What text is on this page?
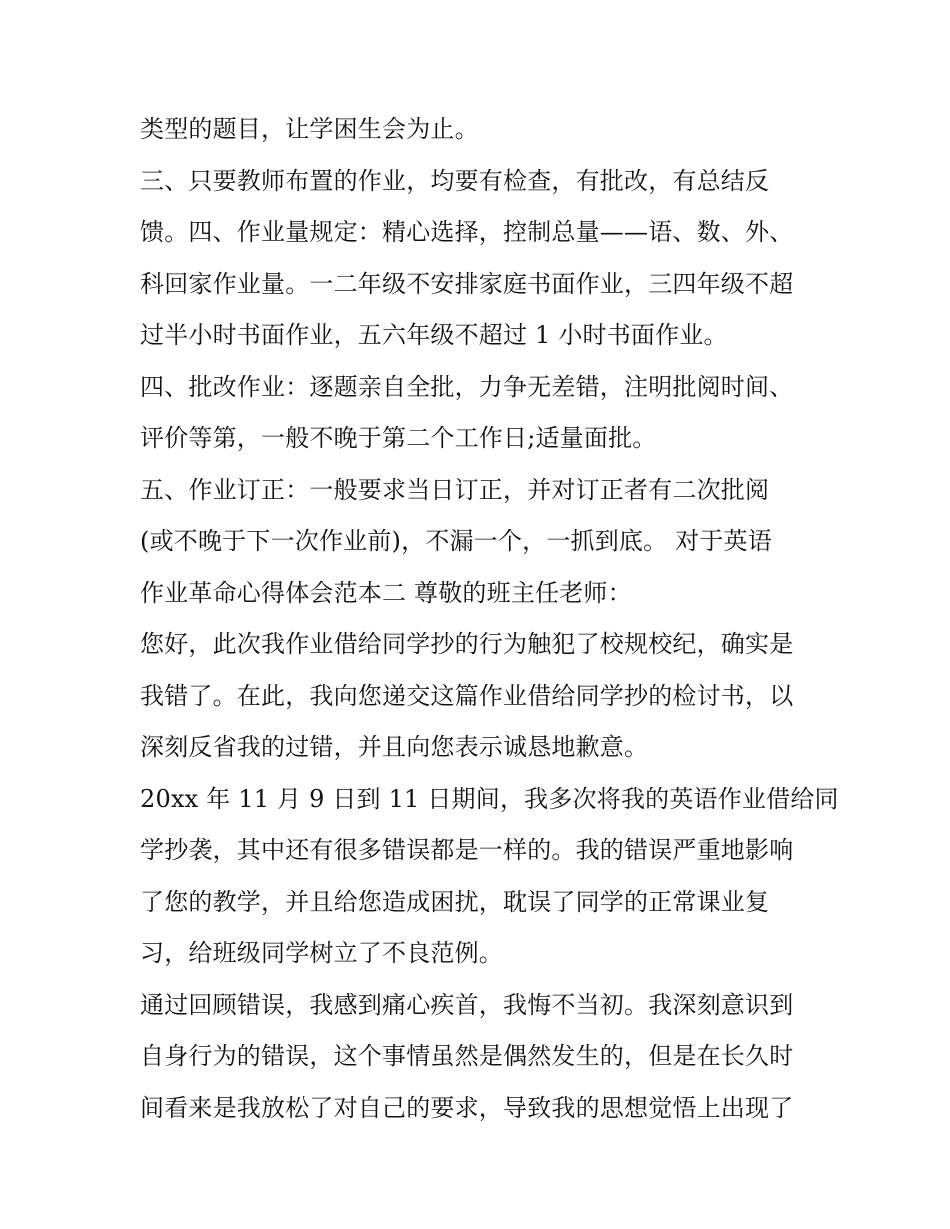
类型的题目，让学困生会为止。
三、只要教师布置的作业，均要有检查，有批改，有总结反
馈。四、作业量规定：精心选择，控制总量——语、数、外、
科回家作业量。一二年级不安排家庭书面作业，三四年级不超
过半小时书面作业，五六年级不超过 1 小时书面作业。
四、批改作业：逐题亲自全批，力争无差错，注明批阅时间、
评价等第，一般不晚于第二个工作日;适量面批。
五、作业订正：一般要求当日订正，并对订正者有二次批阅
(或不晚于下一次作业前)，不漏一个，一抓到底。 对于英语
作业革命心得体会范本二 尊敬的班主任老师：
您好，此次我作业借给同学抄的行为触犯了校规校纪，确实是
我错了。在此，我向您递交这篇作业借给同学抄的检讨书，以
深刻反省我的过错，并且向您表示诚恳地歉意。
20xx 年 11 月 9 日到 11 日期间，我多次将我的英语作业借给同
学抄袭，其中还有很多错误都是一样的。我的错误严重地影响
了您的教学，并且给您造成困扰，耽误了同学的正常课业复
习，给班级同学树立了不良范例。
通过回顾错误，我感到痛心疾首，我悔不当初。我深刻意识到
自身行为的错误，这个事情虽然是偶然发生的，但是在长久时
间看来是我放松了对自己的要求，导致我的思想觉悟上出现了
